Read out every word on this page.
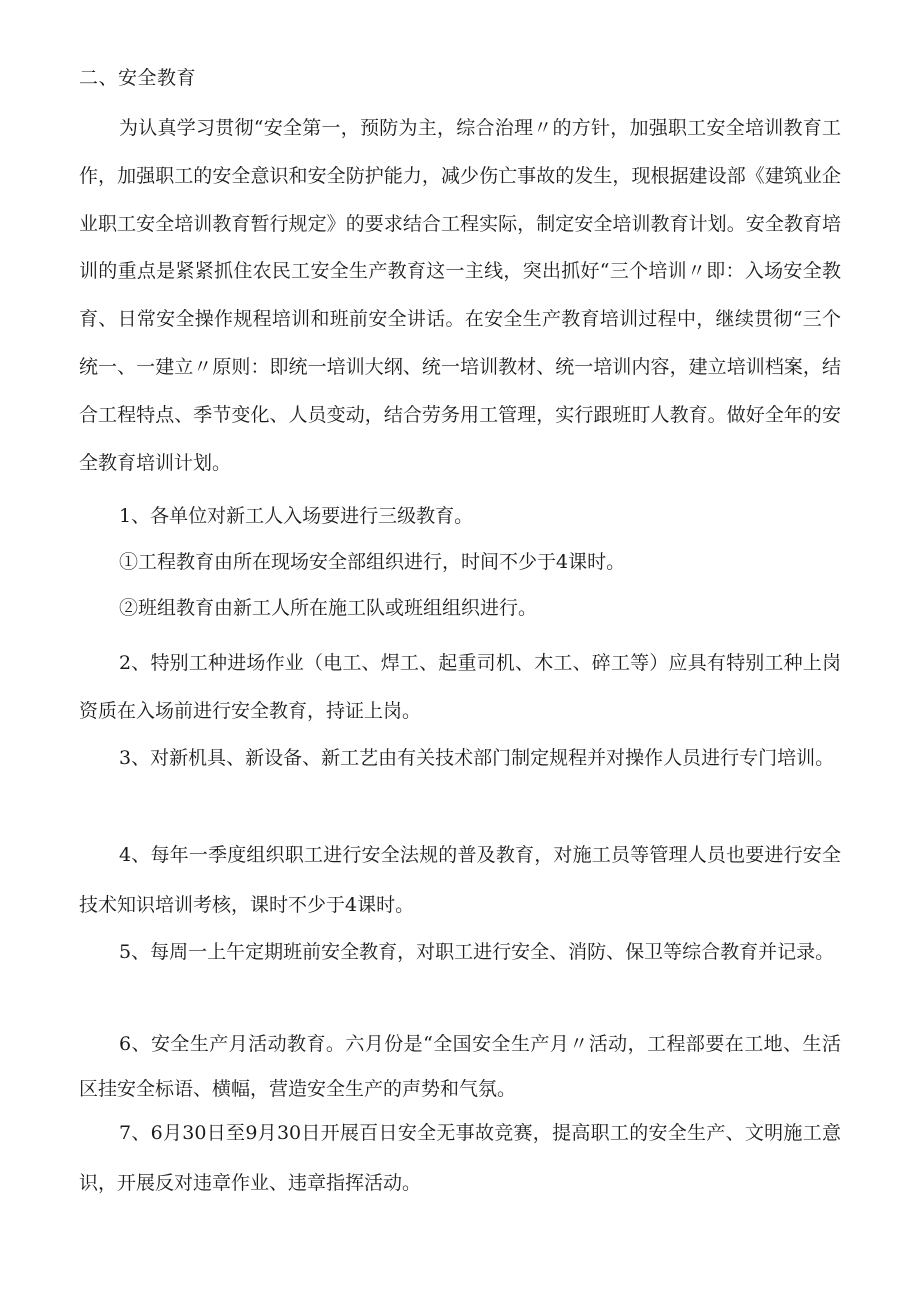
二、安全教育

为认真学习贯彻“安全第一，预防为主，综合治理〃的方针，加强职工安全培训教育工作，加强职工的安全意识和安全防护能力，减少伤亡事故的发生，现根据建设部《建筑业企业职工安全培训教育暂行规定》的要求结合工程实际，制定安全培训教育计划。安全教育培训的重点是紧紧抓住农民工安全生产教育这一主线，突出抓好“三个培训〃即：入场安全教育、日常安全操作规程培训和班前安全讲话。在安全生产教育培训过程中，继续贯彻“三个统一、一建立〃原则：即统一培训大纲、统一培训教材、统一培训内容，建立培训档案，结合工程特点、季节变化、人员变动，结合劳务用工管理，实行跟班盯人教育。做好全年的安全教育培训计划。

1、各单位对新工人入场要进行三级教育。

①工程教育由所在现场安全部组织进行，时间不少于4课时。

②班组教育由新工人所在施工队或班组组织进行。

2、特别工种进场作业（电工、焊工、起重司机、木工、碎工等）应具有特别工种上岗资质在入场前进行安全教育，持证上岗。

3、对新机具、新设备、新工艺由有关技术部门制定规程并对操作人员进行专门培训。

4、每年一季度组织职工进行安全法规的普及教育，对施工员等管理人员也要进行安全技术知识培训考核，课时不少于4课时。

5、每周一上午定期班前安全教育，对职工进行安全、消防、保卫等综合教育并记录。

6、安全生产月活动教育。六月份是“全国安全生产月〃活动，工程部要在工地、生活区挂安全标语、横幅，营造安全生产的声势和气氛。

7、6月30日至9月30日开展百日安全无事故竞赛，提高职工的安全生产、文明施工意识，开展反对违章作业、违章指挥活动。
